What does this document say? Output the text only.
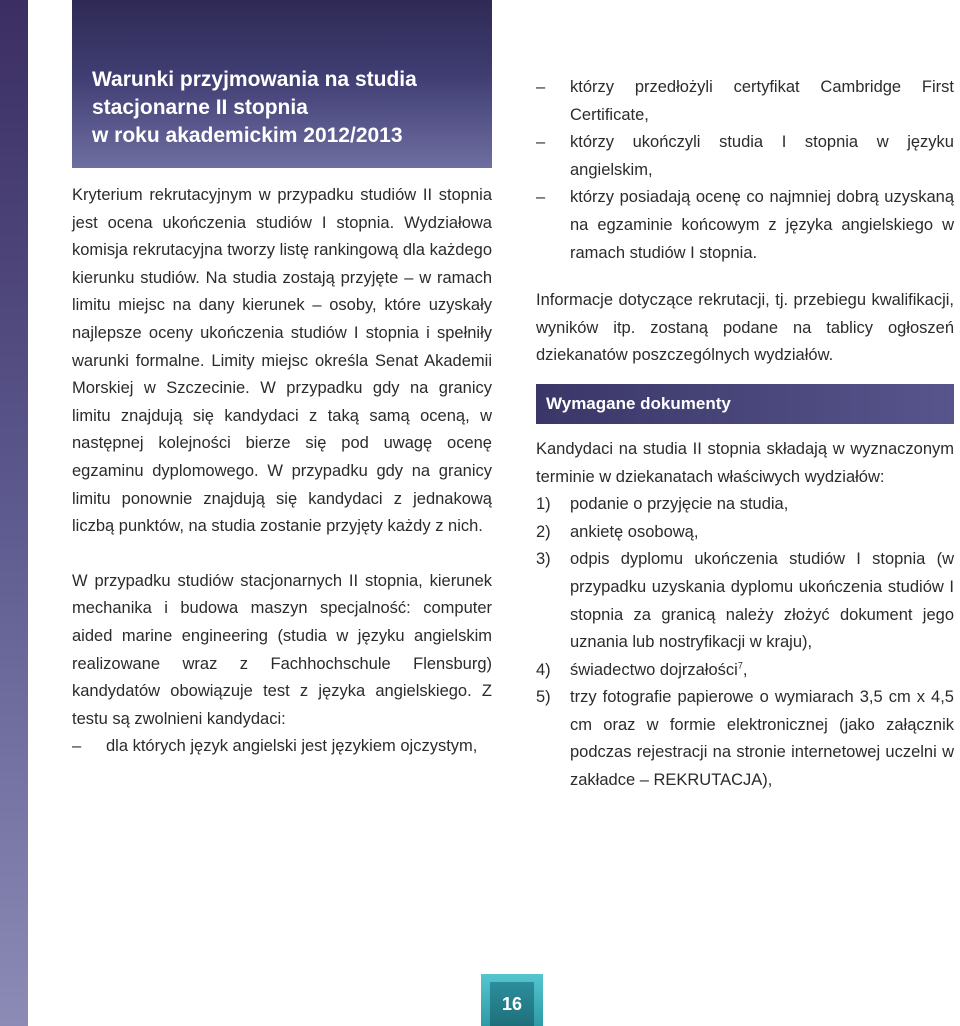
Warunki przyjmowania na studia
stacjonarne II stopnia
w roku akademickim 2012/2013

Kryterium rekrutacyjnym w przypadku studiów II stopnia jest ocena ukończenia studiów I stopnia. Wydziałowa komisja rekrutacyjna tworzy listę rankingową dla każdego kierunku studiów. Na studia zostają przyjęte – w ramach limitu miejsc na dany kierunek – osoby, które uzyskały najlepsze oceny ukończenia studiów I stopnia i spełniły warunki formalne. Limity miejsc określa Senat Akademii Morskiej w Szczecinie. W przypadku gdy na granicy limitu znajdują się kandydaci z taką samą oceną, w następnej kolejności bierze się pod uwagę ocenę egzaminu dyplomowego. W przypadku gdy na granicy limitu ponownie znajdują się kandydaci z jednakową liczbą punktów, na studia zostanie przyjęty każdy z nich.

W przypadku studiów stacjonarnych II stopnia, kierunek mechanika i budowa maszyn specjalność: computer aided marine engineering (studia w języku angielskim realizowane wraz z Fachhochschule Flensburg) kandydatów obowiązuje test z języka angielskiego. Z testu są zwolnieni kandydaci:

– dla których język angielski jest językiem ojczystym,
– którzy przedłożyli certyfikat Cambridge First Certificate,
– którzy ukończyli studia I stopnia w języku angielskim,
– którzy posiadają ocenę co najmniej dobrą uzyskaną na egzaminie końcowym z języka angielskiego w ramach studiów I stopnia.

Informacje dotyczące rekrutacji, tj. przebiegu kwalifikacji, wyników itp. zostaną podane na tablicy ogłoszeń dziekanatów poszczególnych wydziałów.

Wymagane dokumenty

Kandydaci na studia II stopnia składają w wyznaczonym terminie w dziekanatach właściwych wydziałów:

1) podanie o przyjęcie na studia,
2) ankietę osobową,
3) odpis dyplomu ukończenia studiów I stopnia (w przypadku uzyskania dyplomu ukończenia studiów I stopnia za granicą należy złożyć dokument jego uznania lub nostryfikacji w kraju),
4) świadectwo dojrzałości$^7$,
5) trzy fotografie papierowe o wymiarach 3,5 cm x 4,5 cm oraz w formie elektronicznej (jako załącznik podczas rejestracji na stronie internetowej uczelni w zakładce – REKRUTACJA),
16
